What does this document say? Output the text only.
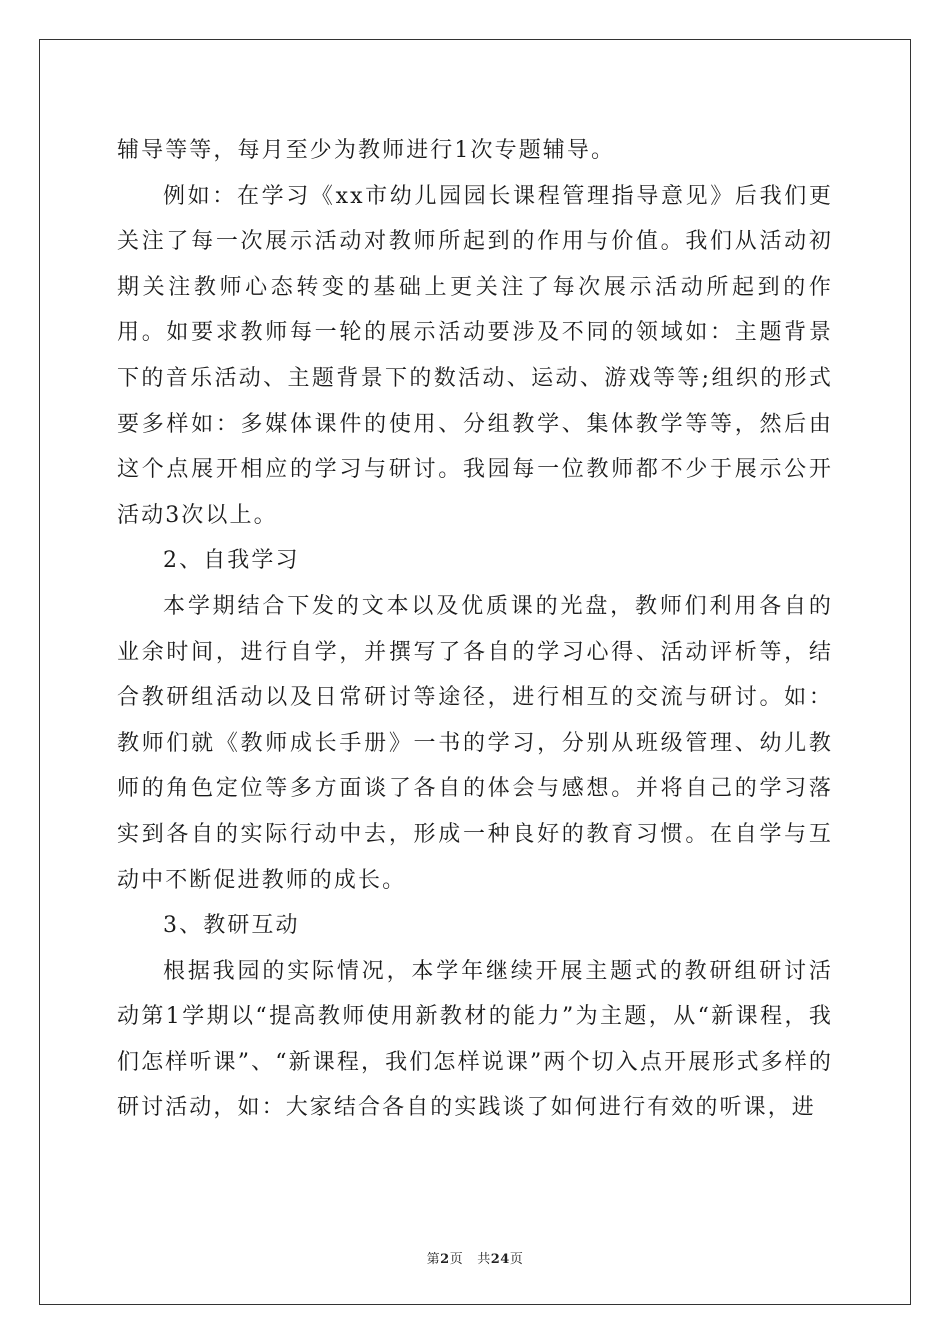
辅导等等，每月至少为教师进行1次专题辅导。

例如：在学习《xx市幼儿园园长课程管理指导意见》后我们更关注了每一次展示活动对教师所起到的作用与价值。我们从活动初期关注教师心态转变的基础上更关注了每次展示活动所起到的作用。如要求教师每一轮的展示活动要涉及不同的领域如：主题背景下的音乐活动、主题背景下的数活动、运动、游戏等等;组织的形式要多样如：多媒体课件的使用、分组教学、集体教学等等，然后由这个点展开相应的学习与研讨。我园每一位教师都不少于展示公开活动3次以上。

2、自我学习

本学期结合下发的文本以及优质课的光盘，教师们利用各自的业余时间，进行自学，并撰写了各自的学习心得、活动评析等，结合教研组活动以及日常研讨等途径，进行相互的交流与研讨。如：教师们就《教师成长手册》一书的学习，分别从班级管理、幼儿教师的角色定位等多方面谈了各自的体会与感想。并将自己的学习落实到各自的实际行动中去，形成一种良好的教育习惯。在自学与互动中不断促进教师的成长。

3、教研互动

根据我园的实际情况，本学年继续开展主题式的教研组研讨活动第1学期以“提高教师使用新教材的能力”为主题，从“新课程，我们怎样听课”、“新课程，我们怎样说课”两个切入点开展形式多样的研讨活动，如：大家结合各自的实践谈了如何进行有效的听课，进

第2页 共24页
